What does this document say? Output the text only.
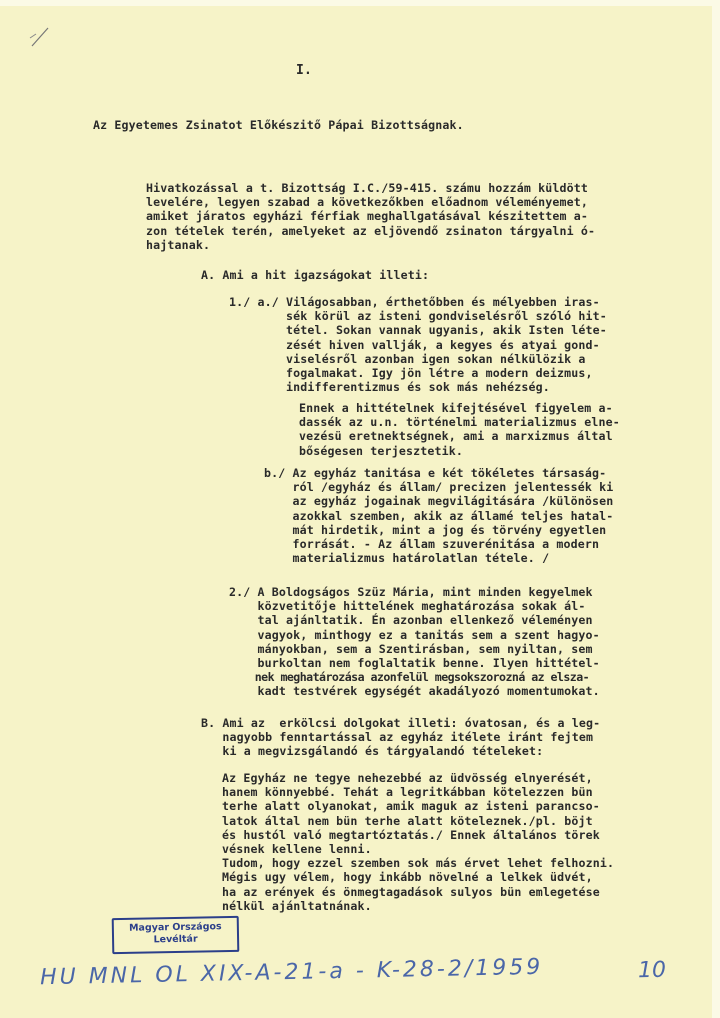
I.
Az Egyetemes Zsinatot Előkészitő Pápai Bizottságnak.
Hivatkozással a t. Bizottság I.C./59-415. számu hozzám küldött
levelére, legyen szabad a következőkben előadnom véleményemet,
amiket járatos egyházi férfiak meghallgatásával készitettem a-
zon tételek terén, amelyeket az eljövendő zsinaton tárgyalni ó-
hajtanak.
A. Ami a hit igazságokat illeti:
1./ a./ Világosabban, érthetőbben és mélyebben iras-
sék körül az isteni gondviselésről szóló hit-
tétel. Sokan vannak ugyanis, akik Isten léte-
zését hiven vallják, a kegyes és atyai gond-
viselésről azonban igen sokan nélkülözik a
fogalmakat. Igy jön létre a modern deizmus,
indifferentizmus és sok más nehézség.
Ennek a hittételnek kifejtésével figyelem a-
dassék az u.n. történelmi materializmus elne-
vezésü eretnektségnek, ami a marxizmus által
bőségesen terjesztetik.
b./ Az egyház tanitása e két tökéletes társaság-
ról /egyház és állam/ precizen jelentessék ki
az egyház jogainak megvilágitására /különösen
azokkal szemben, akik az államé teljes hatal-
mát hirdetik, mint a jog és törvény egyetlen
forrását. - Az állam szuverénitása a modern
materializmus határolatlan tétele. /
2./ A Boldogságos Szüz Mária, mint minden kegyelmek
közvetitője hittelének meghatározása sokak ál-
tal ajánltatik. Én azonban ellenkező véleményen
vagyok, minthogy ez a tanitás sem a szent hagyo-
mányokban, sem a Szentirásban, sem nyiltan, sem
burkoltan nem foglaltatik benne. Ilyen hittétel-
nek meghatározása azonfelül megsokszorozná az elsza-
kadt testvérek egységét akadályozó momentumokat.
B. Ami az  erkölcsi dolgokat illeti: óvatosan, és a leg-
nagyobb fenntartással az egyház itélete iránt fejtem
ki a megvizsgálandó és tárgyalandó tételeket:
Az Egyház ne tegye nehezebbé az üdvösség elnyerését,
hanem könnyebbé. Tehát a legritkábban kötelezzen bün
terhe alatt olyanokat, amik maguk az isteni parancso-
latok által nem bün terhe alatt köteleznek./pl. böjt
és hustól való megtartóztatás./ Ennek általános törek
vésnek kellene lenni.
Tudom, hogy ezzel szemben sok más érvet lehet felhozni.
Mégis ugy vélem, hogy inkább növelné a lelkek üdvét,
ha az erények és önmegtagadások sulyos bün emlegetése
nélkül ajánltatnának.
Magyar Országos
Levéltár
HU MNL OL XIX-A-21-a - K-28-2/1959	10
